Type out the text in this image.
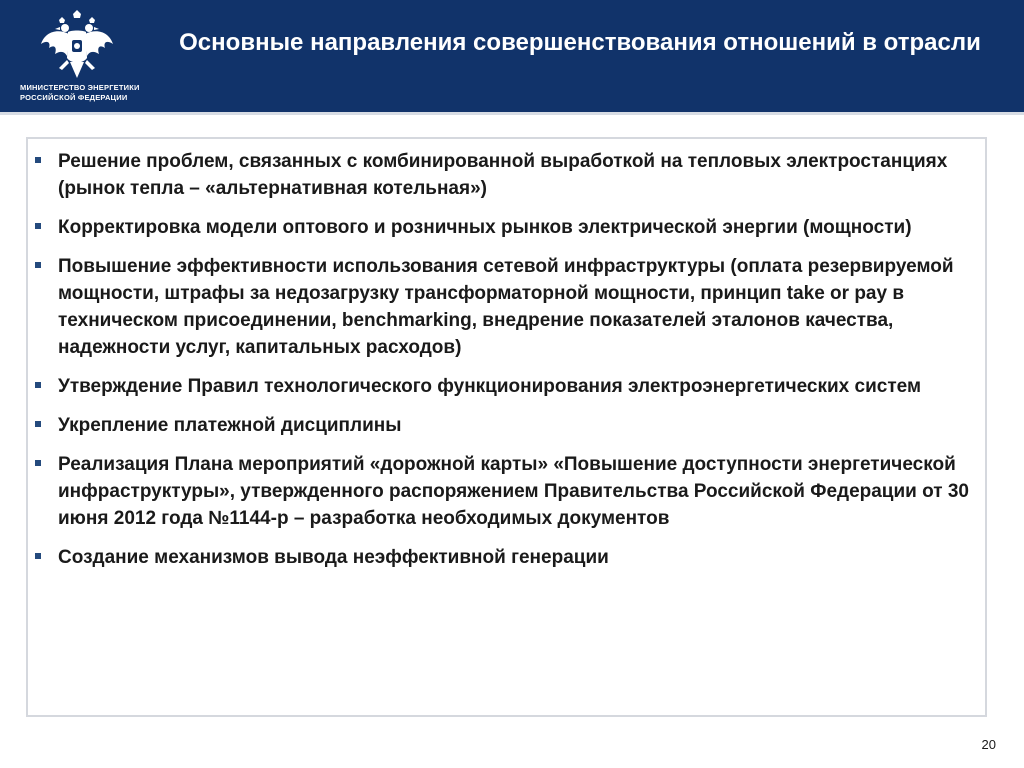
МИНИСТЕРСТВО ЭНЕРГЕТИКИ
РОССИЙСКОЙ ФЕДЕРАЦИИ
Основные направления совершенствования отношений в отрасли
Решение проблем, связанных с комбинированной выработкой на тепловых электростанциях (рынок тепла – «альтернативная котельная»)
Корректировка модели оптового и розничных рынков электрической энергии (мощности)
Повышение эффективности использования сетевой инфраструктуры (оплата резервируемой мощности, штрафы за недозагрузку трансформаторной мощности, принцип take or pay в техническом присоединении, benchmarking, внедрение показателей эталонов качества, надежности услуг, капитальных расходов)
Утверждение Правил технологического функционирования электроэнергетических систем
Укрепление платежной дисциплины
Реализация Плана мероприятий «дорожной карты» «Повышение доступности энергетической инфраструктуры», утвержденного распоряжением Правительства Российской Федерации от 30 июня 2012 года №1144-р – разработка необходимых документов
Создание механизмов вывода неэффективной генерации
20
